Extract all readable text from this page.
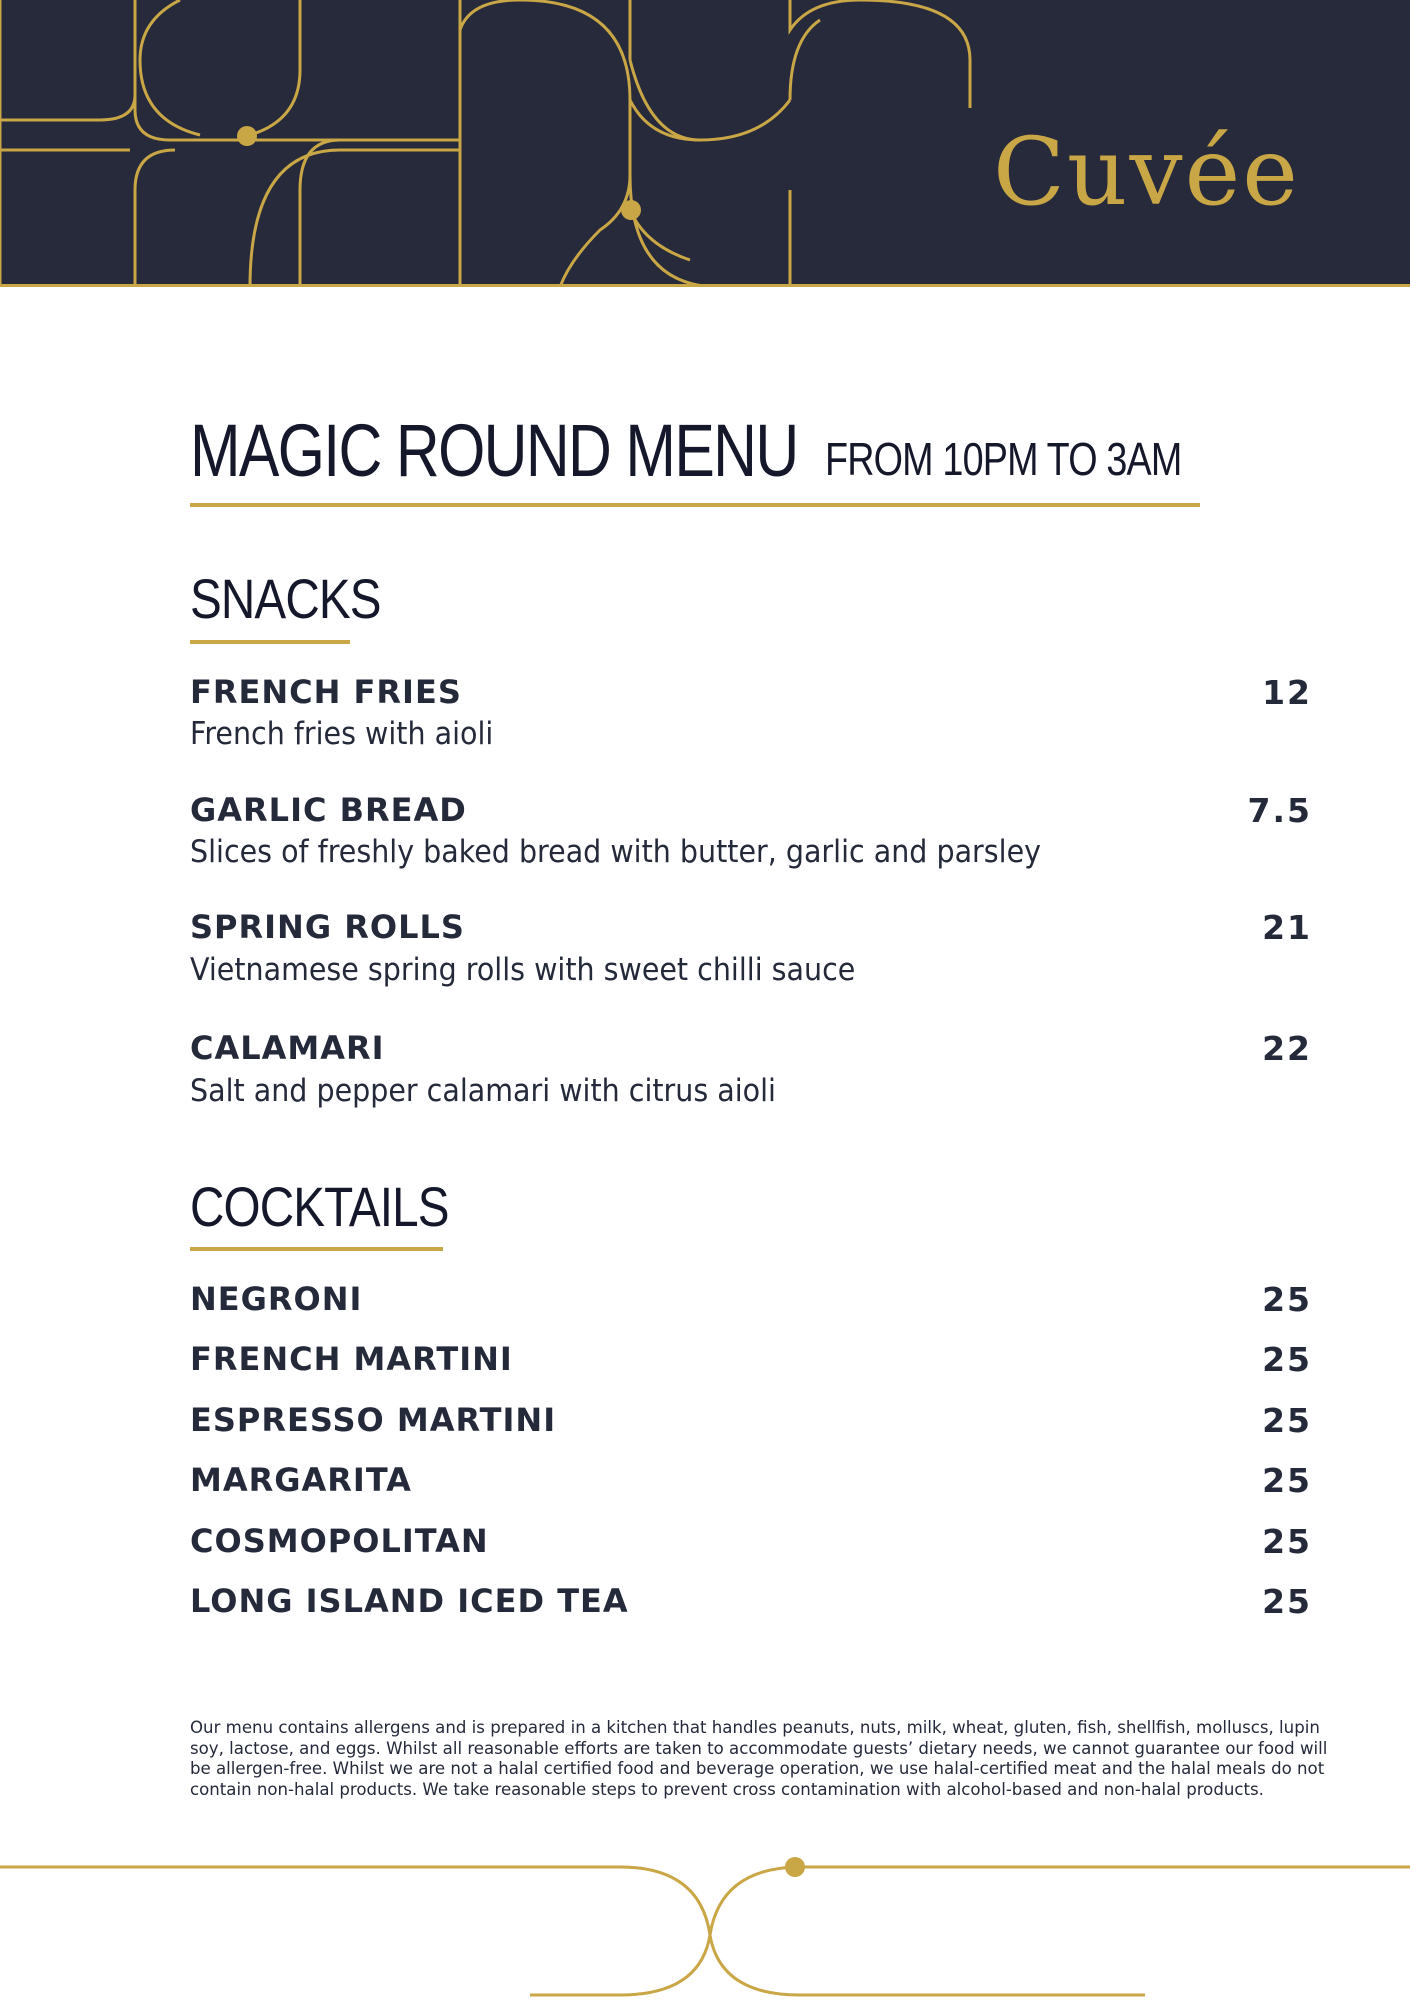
Cuvée
MAGIC ROUND MENU FROM 10PM TO 3AM
SNACKS
FRENCH FRIES	12
French fries with aioli
GARLIC BREAD	7.5
Slices of freshly baked bread with butter, garlic and parsley
SPRING ROLLS	21
Vietnamese spring rolls with sweet chilli sauce
CALAMARI	22
Salt and pepper calamari with citrus aioli
COCKTAILS
NEGRONI	25
FRENCH MARTINI	25
ESPRESSO MARTINI	25
MARGARITA	25
COSMOPOLITAN	25
LONG ISLAND ICED TEA	25
Our menu contains allergens and is prepared in a kitchen that handles peanuts, nuts, milk, wheat, gluten, fish, shellfish, molluscs, lupin
soy, lactose, and eggs. Whilst all reasonable efforts are taken to accommodate guests’ dietary needs, we cannot guarantee our food will
be allergen-free. Whilst we are not a halal certified food and beverage operation, we use halal-certified meat and the halal meals do not
contain non-halal products. We take reasonable steps to prevent cross contamination with alcohol-based and non-halal products.
